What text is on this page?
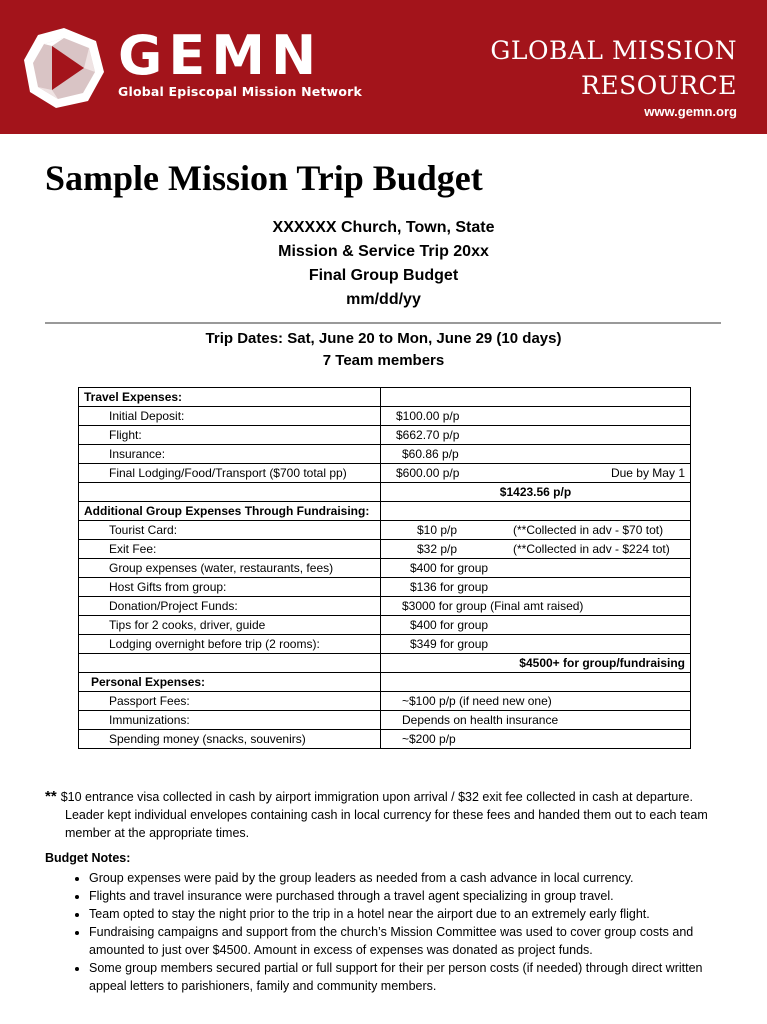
GEMN
Global Episcopal Mission Network
GLOBAL MISSION
RESOURCE
www.gemn.org
Sample Mission Trip Budget
XXXXXX Church, Town, State
Mission & Service Trip 20xx
Final Group Budget
mm/dd/yy
Trip Dates: Sat, June 20 to Mon, June 29 (10 days)
7 Team members
Travel Expenses:	
Initial Deposit:	$100.00 p/p
Flight:	$662.70 p/p
Insurance:	$60.86 p/p

Final Lodging/Food/Transport ($700 total pp)	$600.00 p/p Due by May 1

	$1423.56 p/p
Additional Group Expenses Through Fundraising:	
Tourist Card:	$10 p/p (**Collected in adv - $70 tot)
Exit Fee:	$32 p/p (**Collected in adv - $224 tot)
Group expenses (water, restaurants, fees)	$400 for group
Host Gifts from group:	$136 for group
Donation/Project Funds:	$3000 for group (Final amt raised)
Tips for 2 cooks, driver, guide	$400 for group
Lodging overnight before trip (2 rooms):	$349 for group
	$4500+ for group/fundraising
Personal Expenses:	
Passport Fees:	~$100 p/p (if need new one)
Immunizations:	Depends on health insurance
Spending money (snacks, souvenirs)	~$200 p/p
** $10 entrance visa collected in cash by airport immigration upon arrival / $32 exit fee collected in cash at departure. Leader kept individual envelopes containing cash in local currency for these fees and handed them out to each team member at the appropriate times.
Budget Notes:
• Group expenses were paid by the group leaders as needed from a cash advance in local currency.
• Flights and travel insurance were purchased through a travel agent specializing in group travel.
• Team opted to stay the night prior to the trip in a hotel near the airport due to an extremely early flight.
• Fundraising campaigns and support from the church’s Mission Committee was used to cover group costs and amounted to just over $4500. Amount in excess of expenses was donated as project funds.
• Some group members secured partial or full support for their per person costs (if needed) through direct written appeal letters to parishioners, family and community members.
